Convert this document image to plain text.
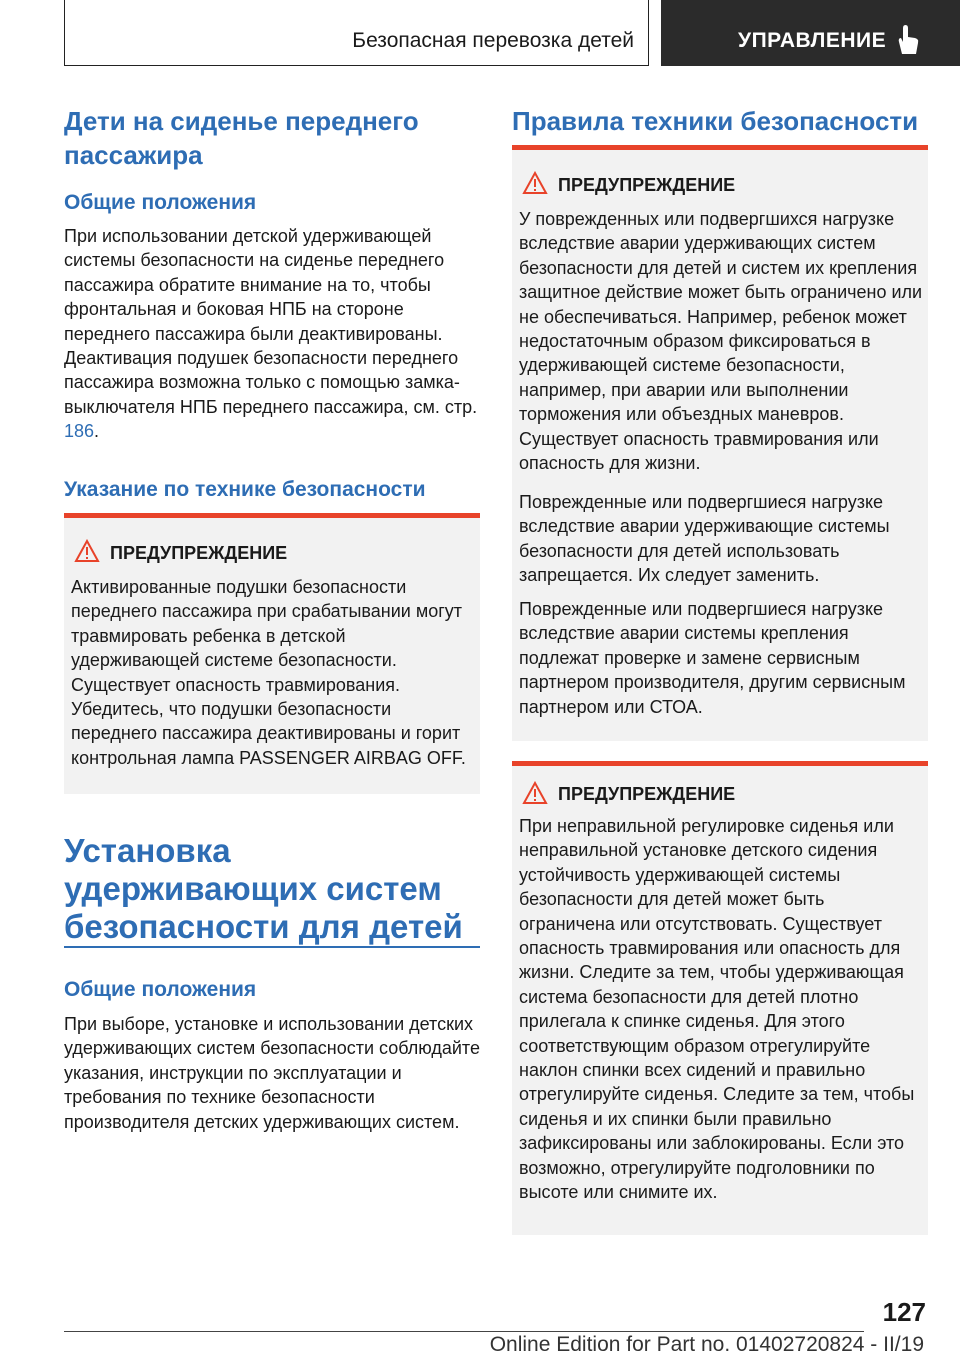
Безопасная перевозка детей	УПРАВЛЕНИЕ
Дети на сиденье переднего пассажира
Общие положения
При использовании детской удерживающей системы безопасности на сиденье переднего пассажира обратите внимание на то, чтобы фронтальная и боковая НПБ на стороне переднего пассажира были деактивированы. Деактивация подушек безопасности переднего пассажира возможна только с помощью замка-выключателя НПБ переднего пассажира, см. стр. 186.
Указание по технике безопасности
ПРЕДУПРЕЖДЕНИЕ
Активированные подушки безопасности переднего пассажира при срабатывании могут травмировать ребенка в детской удерживающей системе безопасности. Существует опасность травмирования. Убедитесь, что подушки безопасности переднего пассажира деактивированы и горит контрольная лампа PASSENGER AIRBAG OFF.
Установка удерживающих систем безопасности для детей
Общие положения
При выборе, установке и использовании детских удерживающих систем безопасности соблюдайте указания, инструкции по эксплуатации и требования по технике безопасности производителя детских удерживающих систем.
Правила техники безопасности
ПРЕДУПРЕЖДЕНИЕ
У поврежденных или подвергшихся нагрузке вследствие аварии удерживающих систем безопасности для детей и систем их крепления защитное действие может быть ограничено или не обеспечиваться. Например, ребенок может недостаточным образом фиксироваться в удерживающей системе безопасности, например, при аварии или выполнении торможения или объездных маневров. Существует опасность травмирования или опасность для жизни.
Поврежденные или подвергшиеся нагрузке вследствие аварии удерживающие системы безопасности для детей использовать запрещается. Их следует заменить.
Поврежденные или подвергшиеся нагрузке вследствие аварии системы крепления подлежат проверке и замене сервисным партнером производителя, другим сервисным партнером или СТОА.
ПРЕДУПРЕЖДЕНИЕ
При неправильной регулировке сиденья или неправильной установке детского сидения устойчивость удерживающей системы безопасности для детей может быть ограничена или отсутствовать. Существует опасность травмирования или опасность для жизни. Следите за тем, чтобы удерживающая система безопасности для детей плотно прилегала к спинке сиденья. Для этого соответствующим образом отрегулируйте наклон спинки всех сидений и правильно отрегулируйте сиденья. Следите за тем, чтобы сиденья и их спинки были правильно зафиксированы или заблокированы. Если это возможно, отрегулируйте подголовники по высоте или снимите их.
127
Online Edition for Part no. 01402720824 - II/19
